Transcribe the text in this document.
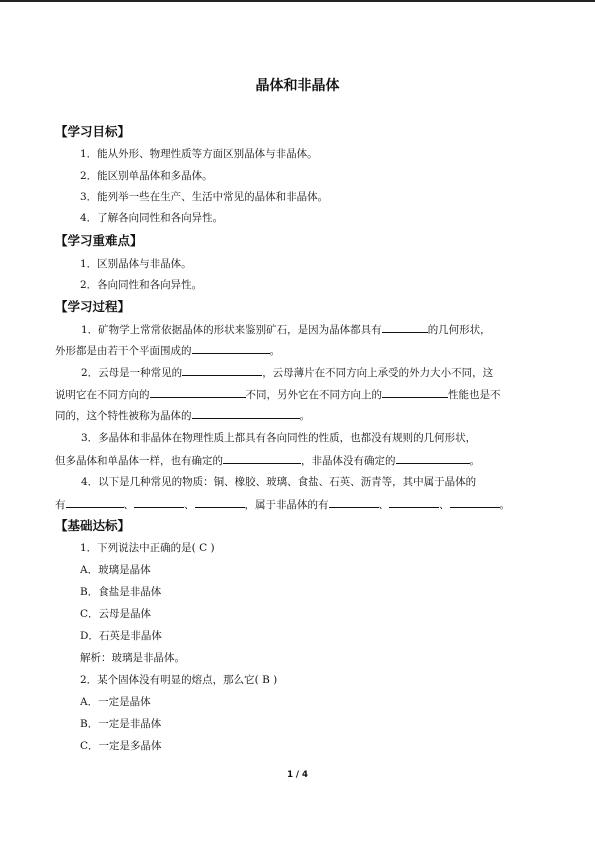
晶体和非晶体
【学习目标】
1．能从外形、物理性质等方面区别晶体与非晶体。
2．能区别单晶体和多晶体。
3．能列举一些在生产、生活中常见的晶体和非晶体。
4．了解各向同性和各向异性。
【学习重难点】
1．区别晶体与非晶体。
2．各向同性和各向异性。
【学习过程】
1．矿物学上常常依据晶体的形状来鉴别矿石，是因为晶体都具有	的几何形状，
外形都是由若干个平面围成的	。
2．云母是一种常见的	，云母薄片在不同方向上承受的外力大小不同，这
说明它在不同方向的	不同，另外它在不同方向上的	性能也是不
同的，这个特性被称为晶体的	。
3．多晶体和非晶体在物理性质上都具有各向同性的性质，也都没有规则的几何形状，
但多晶体和单晶体一样，也有确定的	，非晶体没有确定的	。
4．以下是几种常见的物质：铜、橡胶、玻璃、食盐、石英、沥青等，其中属于晶体的
有	、	、	，属于非晶体的有	、	、	。
【基础达标】
1．下列说法中正确的是( C )
A．玻璃是晶体
B．食盐是非晶体
C．云母是晶体
D．石英是非晶体
解析：玻璃是非晶体。
2．某个固体没有明显的熔点，那么它( B )
A．一定是晶体
B．一定是非晶体
C．一定是多晶体
1 / 4
